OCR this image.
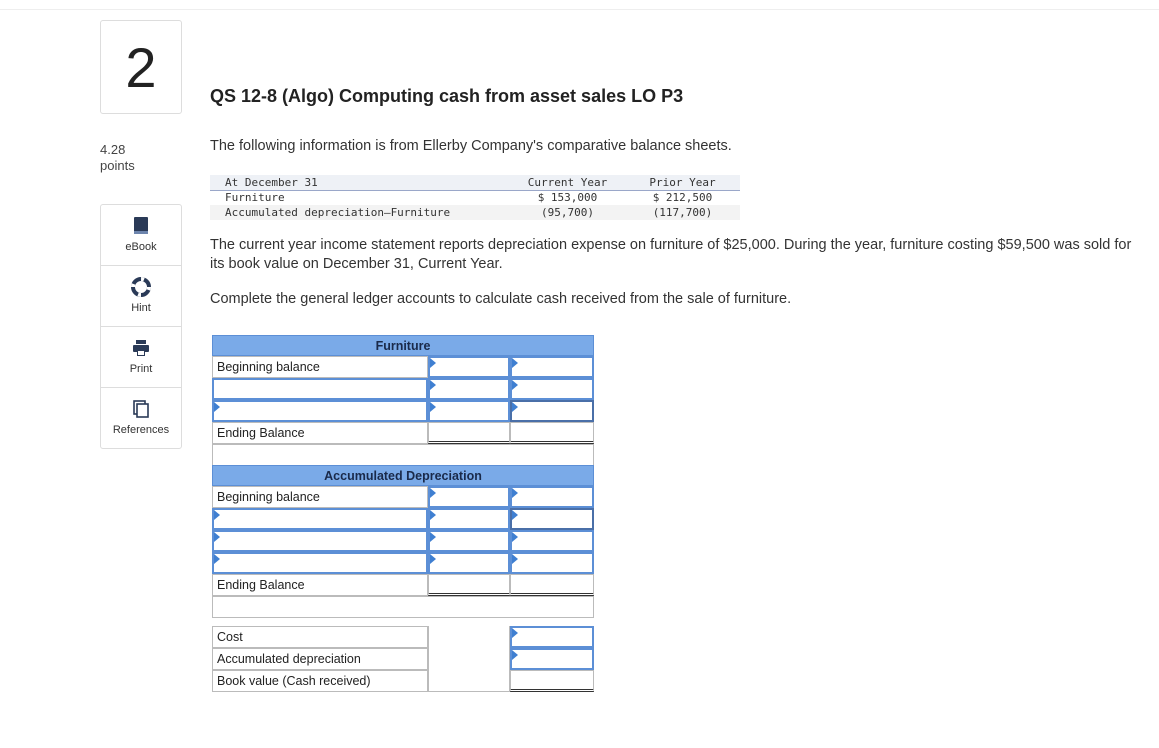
2
4.28
points
eBook
Hint
Print
References
QS 12-8 (Algo) Computing cash from asset sales LO P3
The following information is from Ellerby Company's comparative balance sheets.
At December 31	Current Year	Prior Year
Furniture	$ 153,000	$ 212,500
Accumulated depreciation—Furniture	(95,700)	(117,700)
The current year income statement reports depreciation expense on furniture of $25,000. During the year, furniture costing $59,500 was sold for its book value on December 31, Current Year.
Complete the general ledger accounts to calculate cash received from the sale of furniture.
Furniture
Beginning balance
Ending Balance
Accumulated Depreciation
Beginning balance
Ending Balance
Cost
Accumulated depreciation
Book value (Cash received)
